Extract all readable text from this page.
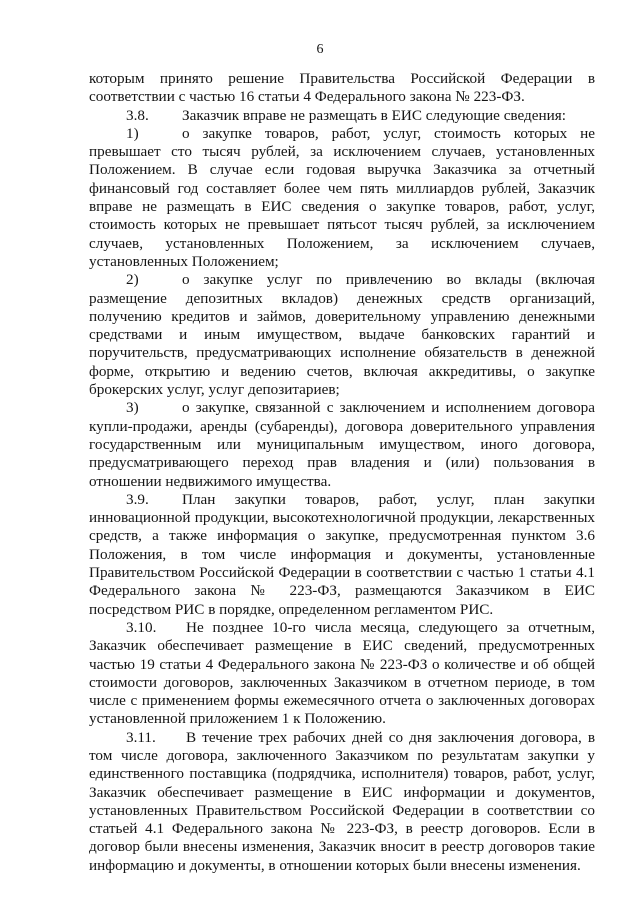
6

которым принято решение Правительства Российской Федерации в соответствии с частью 16 статьи 4 Федерального закона № 223-ФЗ.

3.8. Заказчик вправе не размещать в ЕИС следующие сведения:

1)	о закупке товаров, работ, услуг, стоимость которых не превышает сто тысяч рублей, за исключением случаев, установленных Положением. В случае если годовая выручка Заказчика за отчетный финансовый год составляет более чем пять миллиардов рублей, Заказчик вправе не размещать в ЕИС сведения о закупке товаров, работ, услуг, стоимость которых не превышает пятьсот тысяч рублей, за исключением случаев, установленных Положением, за исключением случаев, установленных Положением;

2)	о закупке услуг по привлечению во вклады (включая размещение депозитных вкладов) денежных средств организаций, получению кредитов и займов, доверительному управлению денежными средствами и иным имуществом, выдаче банковских гарантий и поручительств, предусматривающих исполнение обязательств в денежной форме, открытию и ведению счетов, включая аккредитивы, о закупке брокерских услуг, услуг депозитариев;

3)	о закупке, связанной с заключением и исполнением договора купли-продажи, аренды (субаренды), договора доверительного управления государственным или муниципальным имуществом, иного договора, предусматривающего переход прав владения и (или) пользования в отношении недвижимого имущества.

3.9. План закупки товаров, работ, услуг, план закупки инновационной продукции, высокотехнологичной продукции, лекарственных средств, а также информация о закупке, предусмотренная пунктом 3.6 Положения, в том числе информация и документы, установленные Правительством Российской Федерации в соответствии с частью 1 статьи 4.1 Федерального закона № 223-ФЗ, размещаются Заказчиком в ЕИС посредством РИС в порядке, определенном регламентом РИС.

3.10. Не позднее 10-го числа месяца, следующего за отчетным, Заказчик обеспечивает размещение в ЕИС сведений, предусмотренных частью 19 статьи 4 Федерального закона № 223-ФЗ о количестве и об общей стоимости договоров, заключенных Заказчиком в отчетном периоде, в том числе с применением формы ежемесячного отчета о заключенных договорах установленной приложением 1 к Положению.

3.11. В течение трех рабочих дней со дня заключения договора, в том числе договора, заключенного Заказчиком по результатам закупки у единственного поставщика (подрядчика, исполнителя) товаров, работ, услуг, Заказчик обеспечивает размещение в ЕИС информации и документов, установленных Правительством Российской Федерации в соответствии со статьей 4.1 Федерального закона № 223-ФЗ, в реестр договоров. Если в договор были внесены изменения, Заказчик вносит в реестр договоров такие информацию и документы, в отношении которых были внесены изменения.
